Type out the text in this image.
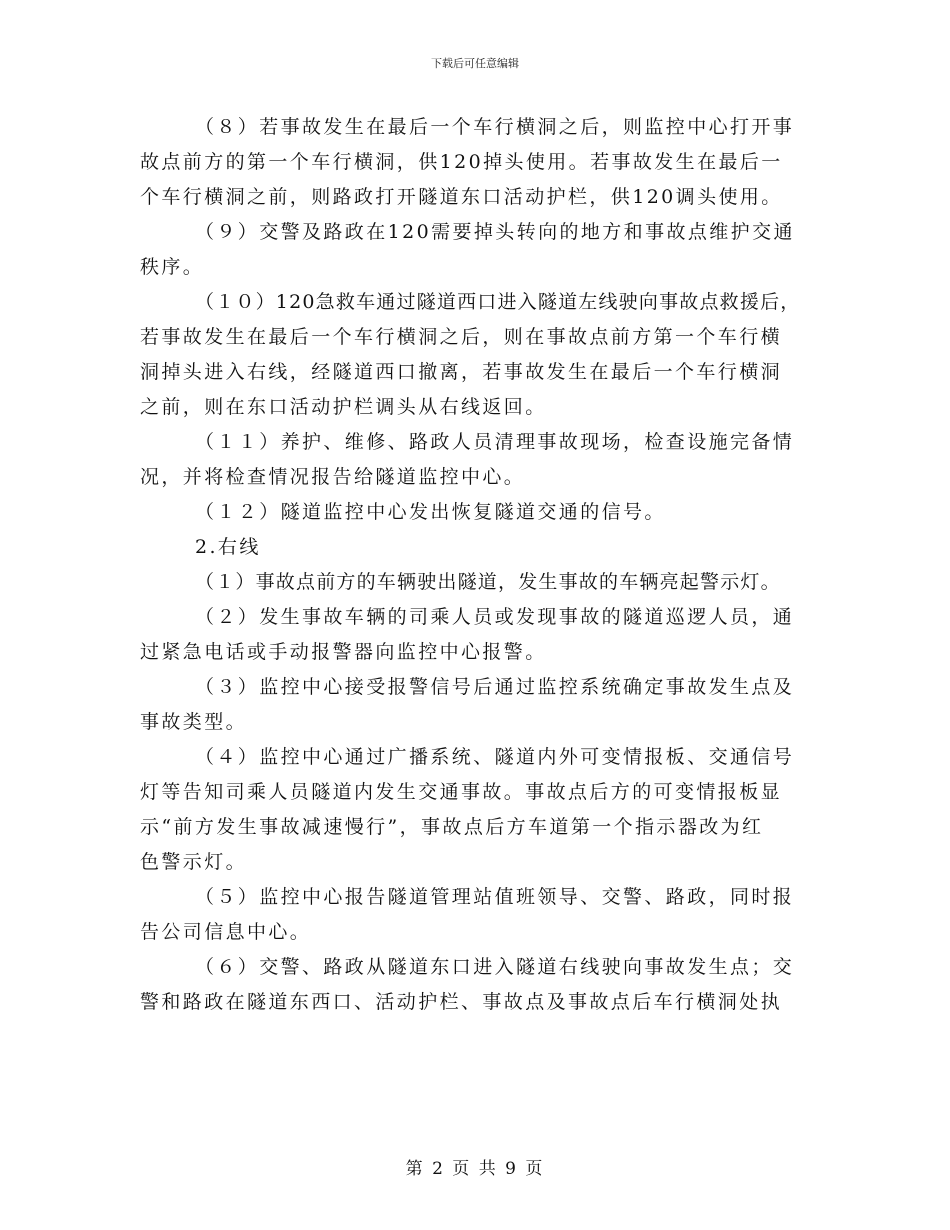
下载后可任意编辑
（８）若事故发生在最后一个车行横洞之后，则监控中心打开事
故点前方的第一个车行横洞，供120掉头使用。若事故发生在最后一
个车行横洞之前，则路政打开隧道东口活动护栏，供120调头使用。
（９）交警及路政在120需要掉头转向的地方和事故点维护交通
秩序。
（１０）120急救车通过隧道西口进入隧道左线驶向事故点救援后，
若事故发生在最后一个车行横洞之后，则在事故点前方第一个车行横
洞掉头进入右线，经隧道西口撤离，若事故发生在最后一个车行横洞
之前，则在东口活动护栏调头从右线返回。
（１１）养护、维修、路政人员清理事故现场，检查设施完备情
况，并将检查情况报告给隧道监控中心。
（１２）隧道监控中心发出恢复隧道交通的信号。
2.右线
（１）事故点前方的车辆驶出隧道，发生事故的车辆亮起警示灯。
（２）发生事故车辆的司乘人员或发现事故的隧道巡逻人员，通
过紧急电话或手动报警器向监控中心报警。
（３）监控中心接受报警信号后通过监控系统确定事故发生点及
事故类型。
（４）监控中心通过广播系统、隧道内外可变情报板、交通信号
灯等告知司乘人员隧道内发生交通事故。事故点后方的可变情报板显
示“前方发生事故减速慢行”，事故点后方车道第一个指示器改为红
色警示灯。
（５）监控中心报告隧道管理站值班领导、交警、路政，同时报
告公司信息中心。
（６）交警、路政从隧道东口进入隧道右线驶向事故发生点；交
警和路政在隧道东西口、活动护栏、事故点及事故点后车行横洞处执
第 2 页 共 9 页
